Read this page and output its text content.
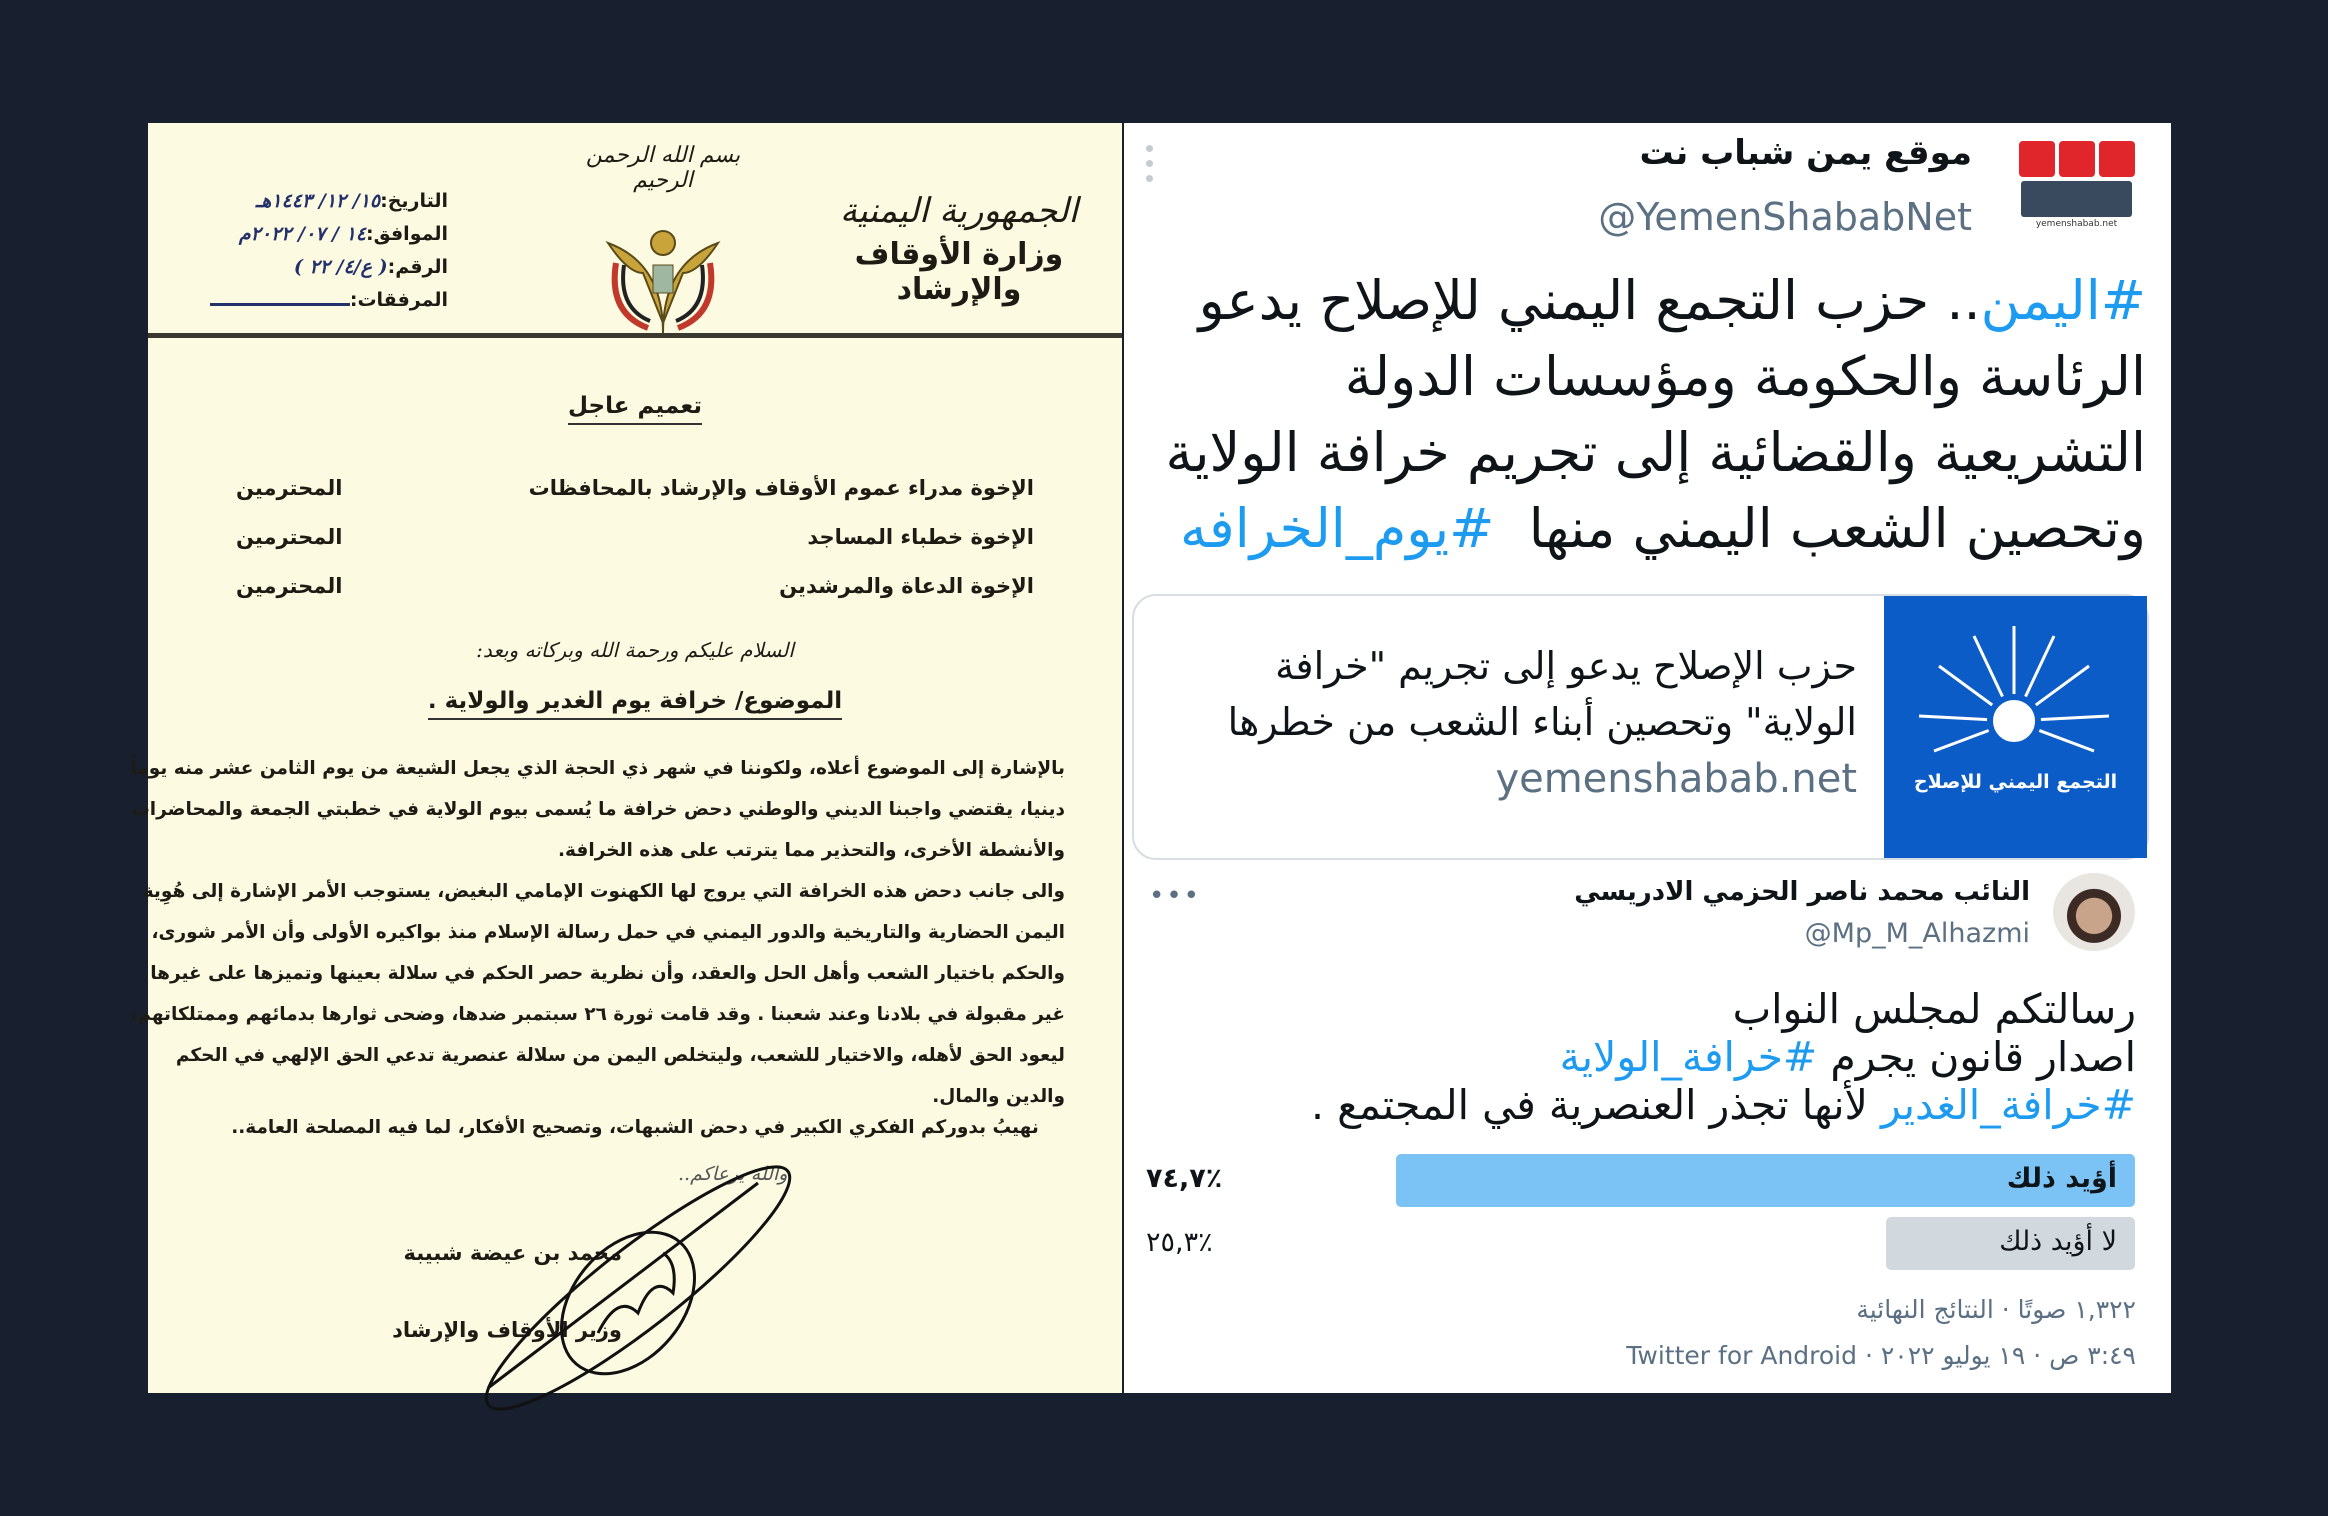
بسم الله الرحمن الرحيم
الجمهورية اليمنية
وزارة الأوقاف والإرشاد
التاريخ:١٥/ ١٢/ ١٤٤٣هـ
الموافق:١٤ / ٠٧/ ٢٠٢٢م
الرقم:( ع/٤/ ٢٢ )
المرفقات:
تعميم عاجل
الإخوة مدراء عموم الأوقاف والإرشاد بالمحافظات
المحترمين
الإخوة خطباء المساجد
المحترمين
الإخوة الدعاة والمرشدين
المحترمين
السلام عليكم ورحمة الله وبركاته وبعد:
الموضوع/ خرافة يوم الغدير والولاية .
بالإشارة إلى الموضوع أعلاه، ولكوننا في شهر ذي الحجة الذي يجعل الشيعة من يوم الثامن عشر منه يوماً
دينيا، يقتضي واجبنا الديني والوطني دحض خرافة ما يُسمى بيوم الولاية في خطبتي الجمعة والمحاضرات
والأنشطة الأخرى، والتحذير مما يترتب على هذه الخرافة.
والى جانب دحض هذه الخرافة التي يروج لها الكهنوت الإمامي البغيض، يستوجب الأمر الإشارة إلى هُوِية
اليمن الحضارية والتاريخية والدور اليمني في حمل رسالة الإسلام منذ بواكيره الأولى وأن الأمر شورى،
والحكم باختيار الشعب وأهل الحل والعقد، وأن نظرية حصر الحكم في سلالة بعينها وتميزها على غيرها
غير مقبولة في بلادنا وعند شعبنا . وقد قامت ثورة ٢٦ سبتمبر ضدها، وضحى ثوارها بدمائهم وممتلكاتهم،
ليعود الحق لأهله، والاختيار للشعب، وليتخلص اليمن من سلالة عنصرية تدعي الحق الإلهي في الحكم
والدين والمال.
نهيبُ بدوركم الفكري الكبير في دحض الشبهات، وتصحيح الأفكار، لما فيه المصلحة العامة..
والله يرعاكم..
محمد بن عيضة شبيبة
وزير الأوقاف والإرشاد
yemenshabab.net
موقع يمن شباب نت
@YemenShababNet
#اليمن.. حزب التجمع اليمني للإصلاح يدعو الرئاسة والحكومة ومؤسسات الدولة التشريعية والقضائية إلى تجريم خرافة الولاية وتحصين الشعب اليمني منها  #يوم_الخرافه
التجمع اليمني للإصلاح
حزب الإصلاح يدعو إلى تجريم "خرافة الولاية" وتحصين أبناء الشعب من خطرها
yemenshabab.net
•••	النائب محمد ناصر الحزمي الادريسي
@Mp_M_Alhazmi
رسالتكم لمجلس النواب
اصدار قانون يجرم #خرافة_الولاية
#خرافة_الغدير لأنها تجذر العنصرية في المجتمع .
أؤيد ذلك
٧٤,٧٪
لا أؤيد ذلك
٢٥,٣٪
١,٣٢٢ صوتًا · النتائج النهائية
٣:٤٩ ص · ١٩ يوليو ٢٠٢٢ · Twitter for Android
